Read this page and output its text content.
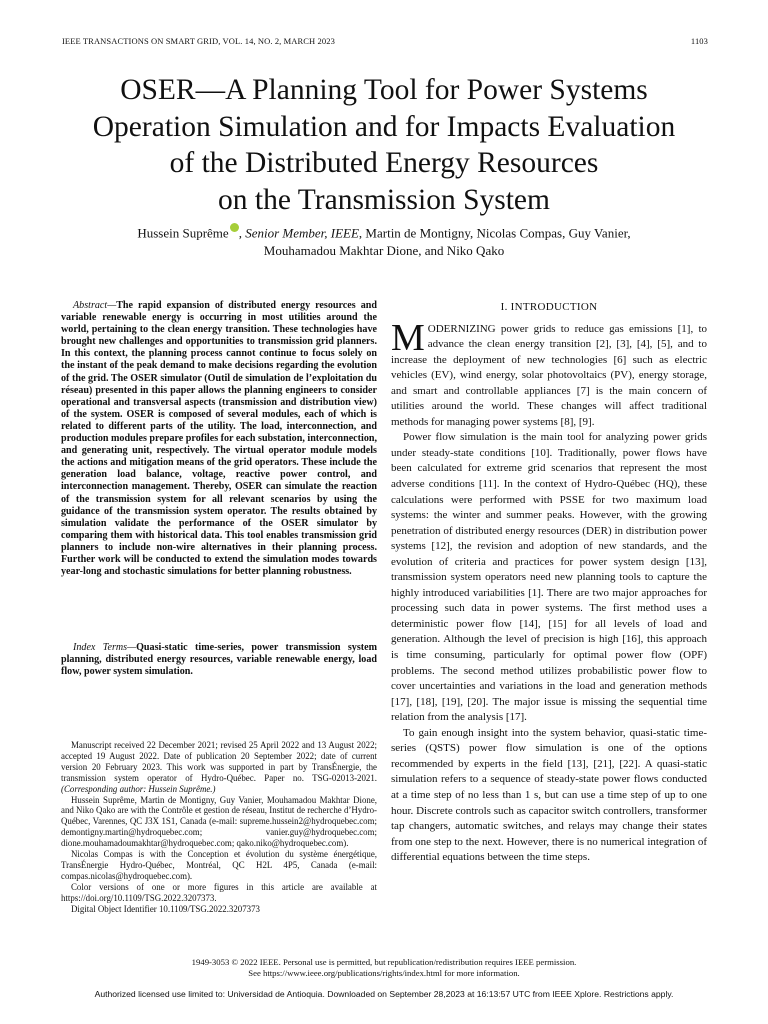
IEEE TRANSACTIONS ON SMART GRID, VOL. 14, NO. 2, MARCH 2023	1103
OSER—A Planning Tool for Power Systems
Operation Simulation and for Impacts Evaluation
of the Distributed Energy Resources
on the Transmission System
Hussein Suprême , Senior Member, IEEE, Martin de Montigny, Nicolas Compas, Guy Vanier,
Mouhamadou Makhtar Dione, and Niko Qako

Abstract—The rapid expansion of distributed energy resources and variable renewable energy is occurring in most utilities around the world, pertaining to the clean energy transition. These technologies have brought new challenges and opportunities to transmission grid planners. In this context, the planning process cannot continue to focus solely on the instant of the peak demand to make decisions regarding the evolution of the grid. The OSER simulator (Outil de simulation de l’exploitation du réseau) presented in this paper allows the planning engineers to consider operational and transversal aspects (transmission and distribution view) of the system. OSER is composed of several modules, each of which is related to different parts of the utility. The load, interconnection, and production modules prepare profiles for each substation, interconnection, and generating unit, respectively. The virtual operator module models the actions and mitigation means of the grid operators. These include the generation load balance, voltage, reactive power control, and interconnection management. Thereby, OSER can simulate the reaction of the transmission system for all relevant scenarios by using the guidance of the transmission system operator. The results obtained by simulation validate the performance of the OSER simulator by comparing them with historical data. This tool enables transmission grid planners to include non-wire alternatives in their planning process. Further work will be conducted to extend the simulation modes towards year-long and stochastic simulations for better planning robustness.

Index Terms—Quasi-static time-series, power transmission system planning, distributed energy resources, variable renewable energy, load flow, power system simulation.

Manuscript received 22 December 2021; revised 25 April 2022 and 13 August 2022; accepted 19 August 2022. Date of publication 20 September 2022; date of current version 20 February 2023. This work was supported in part by TransÉnergie, the transmission system operator of Hydro-Québec. Paper no. TSG-02013-2021. (Corresponding author: Hussein Suprême.)

Hussein Suprême, Martin de Montigny, Guy Vanier, Mouhamadou Makhtar Dione, and Niko Qako are with the Contrôle et gestion de réseau, Institut de recherche d’Hydro-Québec, Varennes, QC J3X 1S1, Canada (e-mail: supreme.hussein2@hydroquebec.com; demontigny.martin@hydroquebec.com; vanier.guy@hydroquebec.com; dione.mouhamadoumakhtar@hydroquebec.com; qako.niko@hydroquebec.com).

Nicolas Compas is with the Conception et évolution du système énergétique, TransÉnergie Hydro-Québec, Montréal, QC H2L 4P5, Canada (e-mail: compas.nicolas@hydroquebec.com).

Color versions of one or more figures in this article are available at https://doi.org/10.1109/TSG.2022.3207373.

Digital Object Identifier 10.1109/TSG.2022.3207373

I. INTRODUCTION

MODERNIZING power grids to reduce gas emissions [1], to advance the clean energy transition [2], [3], [4], [5], and to increase the deployment of new technologies [6] such as electric vehicles (EV), wind energy, solar photovoltaics (PV), energy storage, and smart and controllable appliances [7] is the main concern of utilities around the world. These changes will affect traditional methods for managing power systems [8], [9].

Power flow simulation is the main tool for analyzing power grids under steady-state conditions [10]. Traditionally, power flows have been calculated for extreme grid scenarios that represent the most adverse conditions [11]. In the context of Hydro-Québec (HQ), these calculations were performed with PSSE for two maximum load systems: the winter and summer peaks. However, with the growing penetration of distributed energy resources (DER) in distribution power systems [12], the revision and adoption of new standards, and the evolution of criteria and practices for power system design [13], transmission system operators need new planning tools to capture the highly introduced variabilities [1]. There are two major approaches for processing such data in power systems. The first method uses a deterministic power flow [14], [15] for all levels of load and generation. Although the level of precision is high [16], this approach is time consuming, particularly for optimal power flow (OPF) problems. The second method utilizes probabilistic power flow to cover uncertainties and variations in the load and generation methods [17], [18], [19], [20]. The major issue is missing the sequential time relation from the analysis [17].

To gain enough insight into the system behavior, quasi-static time-series (QSTS) power flow simulation is one of the options recommended by experts in the field [13], [21], [22]. A quasi-static simulation refers to a sequence of steady-state power flows conducted at a time step of no less than 1 s, but can use a time step of up to one hour. Discrete controls such as capacitor switch controllers, transformer tap changers, automatic switches, and relays may change their states from one step to the next. However, there is no numerical integration of differential equations between the time steps.

1949-3053 © 2022 IEEE. Personal use is permitted, but republication/redistribution requires IEEE permission.
See https://www.ieee.org/publications/rights/index.html for more information.
Authorized licensed use limited to: Universidad de Antioquia. Downloaded on September 28,2023 at 16:13:57 UTC from IEEE Xplore. Restrictions apply.
